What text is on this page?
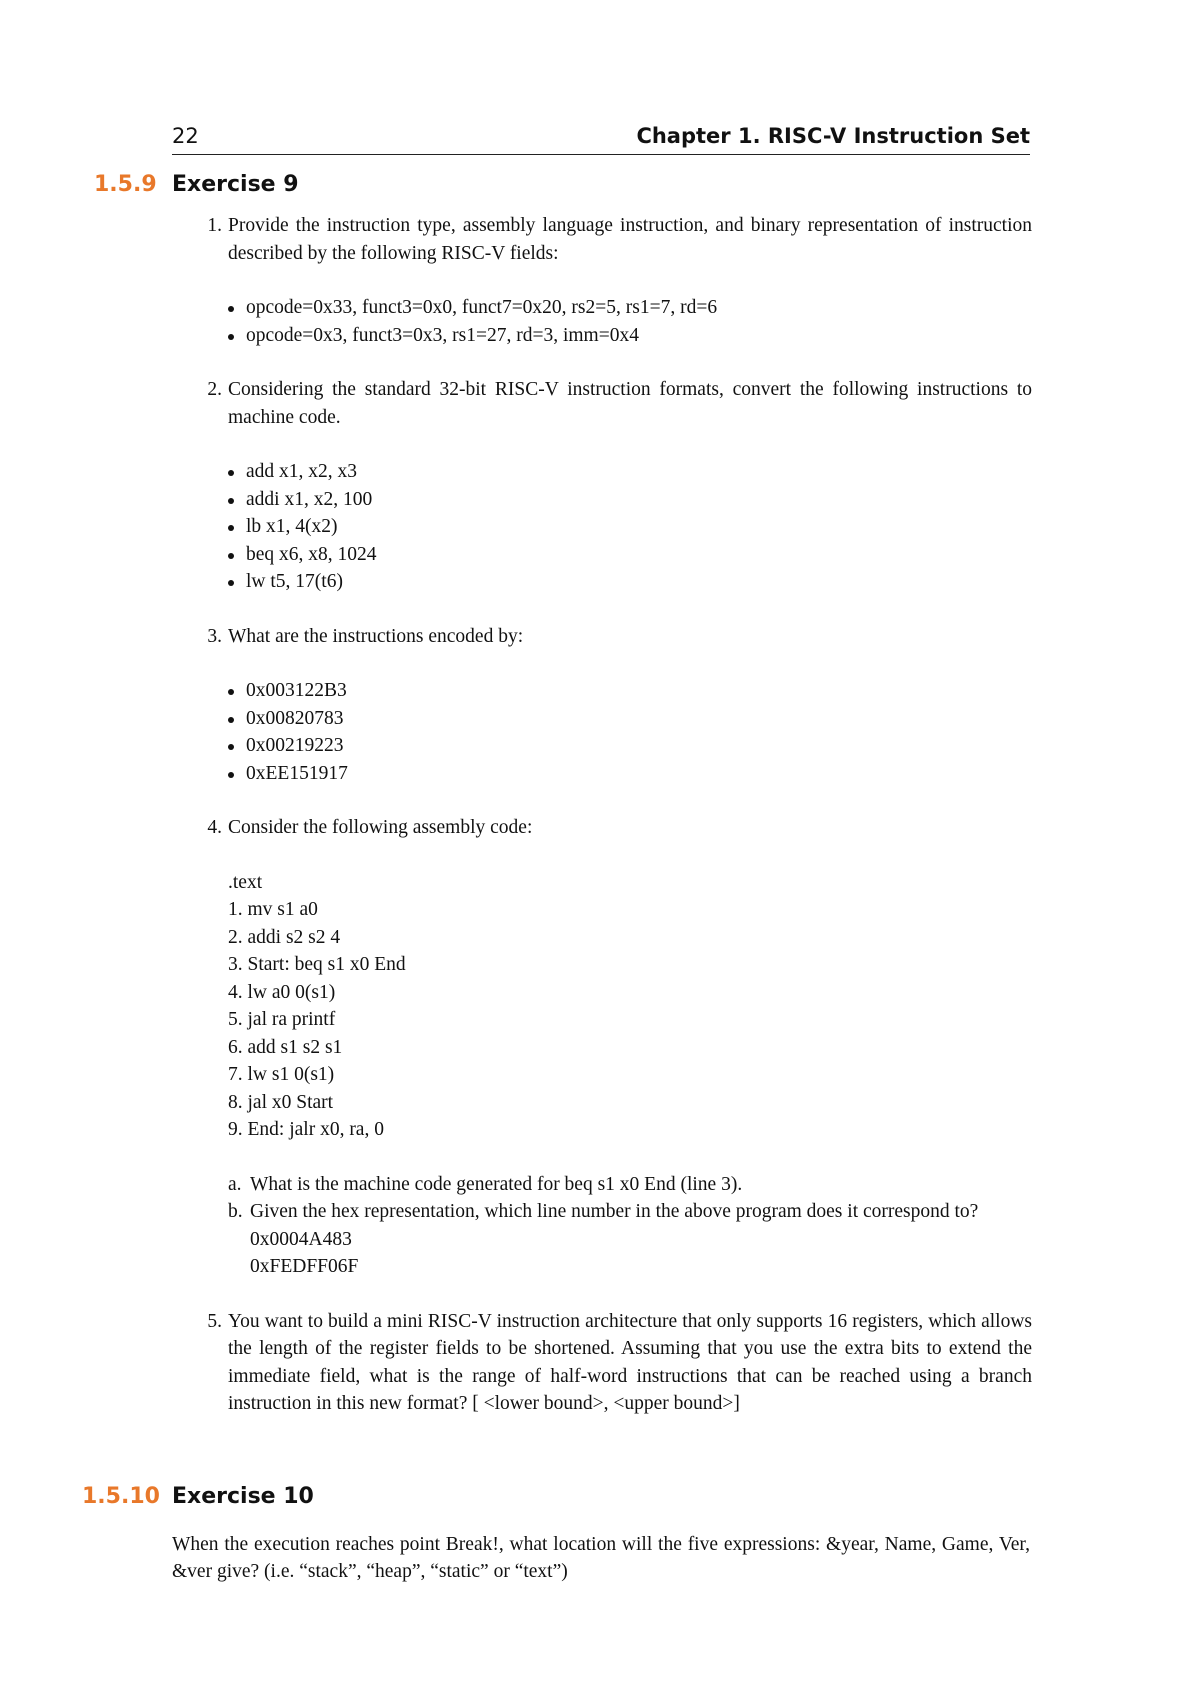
22	Chapter 1. RISC-V Instruction Set
1.5.9 Exercise 9
1. Provide the instruction type, assembly language instruction, and binary representation of instruction described by the following RISC-V fields:

opcode=0x33, funct3=0x0, funct7=0x20, rs2=5, rs1=7, rd=6
opcode=0x3, funct3=0x3, rs1=27, rd=3, imm=0x4
2. Considering the standard 32-bit RISC-V instruction formats, convert the following instructions to machine code.

add x1, x2, x3
addi x1, x2, 100
lb x1, 4(x2)
beq x6, x8, 1024
lw t5, 17(t6)
3. What are the instructions encoded by:

0x003122B3
0x00820783
0x00219223
0xEE151917
4. Consider the following assembly code:

.text
1. mv s1 a0
2. addi s2 s2 4
3. Start: beq s1 x0 End
4. lw a0 0(s1)
5. jal ra printf
6. add s1 s2 s1
7. lw s1 0(s1)
8. jal x0 Start
9. End: jalr x0, ra, 0
a. What is the machine code generated for beq s1 x0 End (line 3).
b. Given the hex representation, which line number in the above program does it correspond to?
0x0004A483
0xFEDFF06F
5. You want to build a mini RISC-V instruction architecture that only supports 16 registers, which allows the length of the register fields to be shortened. Assuming that you use the extra bits to extend the immediate field, what is the range of half-word instructions that can be reached using a branch instruction in this new format? [ <lower bound>, <upper bound>]

1.5.10 Exercise 10

When the execution reaches point Break!, what location will the five expressions: &year, Name, Game, Ver, &ver give? (i.e. “stack”, “heap”, “static” or “text”)
